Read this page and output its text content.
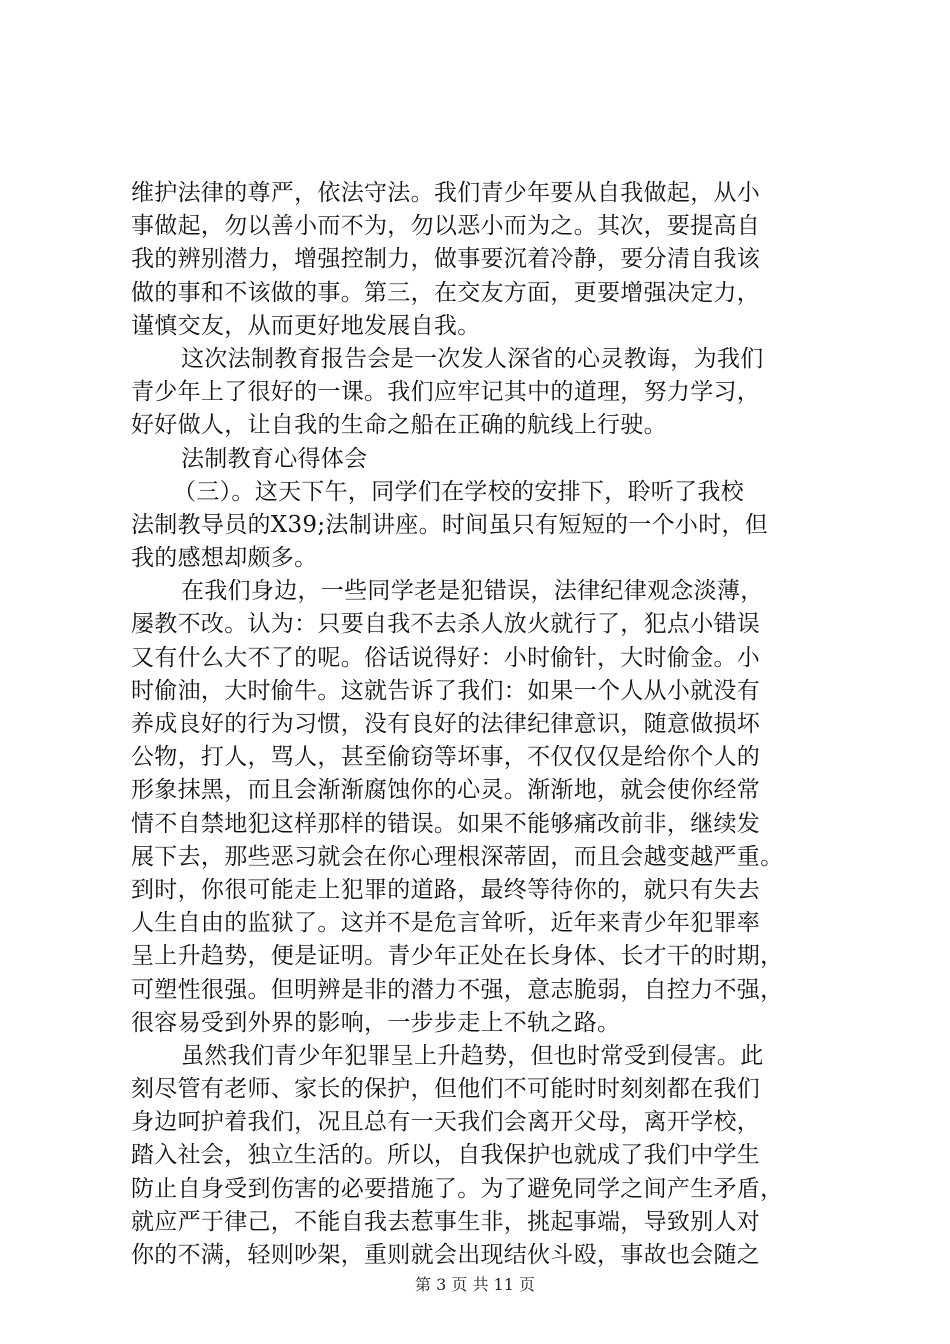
维护法律的尊严，依法守法。我们青少年要从自我做起，从小
事做起，勿以善小而不为，勿以恶小而为之。其次，要提高自
我的辨别潜力，增强控制力，做事要沉着冷静，要分清自我该
做的事和不该做的事。第三，在交友方面，更要增强决定力，
谨慎交友，从而更好地发展自我。
这次法制教育报告会是一次发人深省的心灵教诲，为我们
青少年上了很好的一课。我们应牢记其中的道理，努力学习，
好好做人，让自我的生命之船在正确的航线上行驶。
法制教育心得体会
（三）。这天下午，同学们在学校的安排下，聆听了我校
法制教导员的X39;法制讲座。时间虽只有短短的一个小时，但
我的感想却颇多。
在我们身边，一些同学老是犯错误，法律纪律观念淡薄，
屡教不改。认为：只要自我不去杀人放火就行了，犯点小错误
又有什么大不了的呢。俗话说得好：小时偷针，大时偷金。小
时偷油，大时偷牛。这就告诉了我们：如果一个人从小就没有
养成良好的行为习惯，没有良好的法律纪律意识，随意做损坏
公物，打人，骂人，甚至偷窃等坏事，不仅仅仅是给你个人的
形象抹黑，而且会渐渐腐蚀你的心灵。渐渐地，就会使你经常
情不自禁地犯这样那样的错误。如果不能够痛改前非，继续发
展下去，那些恶习就会在你心理根深蒂固，而且会越变越严重。
到时，你很可能走上犯罪的道路，最终等待你的，就只有失去
人生自由的监狱了。这并不是危言耸听，近年来青少年犯罪率
呈上升趋势，便是证明。青少年正处在长身体、长才干的时期，
可塑性很强。但明辨是非的潜力不强，意志脆弱，自控力不强，
很容易受到外界的影响，一步步走上不轨之路。
虽然我们青少年犯罪呈上升趋势，但也时常受到侵害。此
刻尽管有老师、家长的保护，但他们不可能时时刻刻都在我们
身边呵护着我们，况且总有一天我们会离开父母，离开学校，
踏入社会，独立生活的。所以，自我保护也就成了我们中学生
防止自身受到伤害的必要措施了。为了避免同学之间产生矛盾，
就应严于律己，不能自我去惹事生非，挑起事端，导致别人对
你的不满，轻则吵架，重则就会出现结伙斗殴，事故也会随之
第 3 页 共 11 页
